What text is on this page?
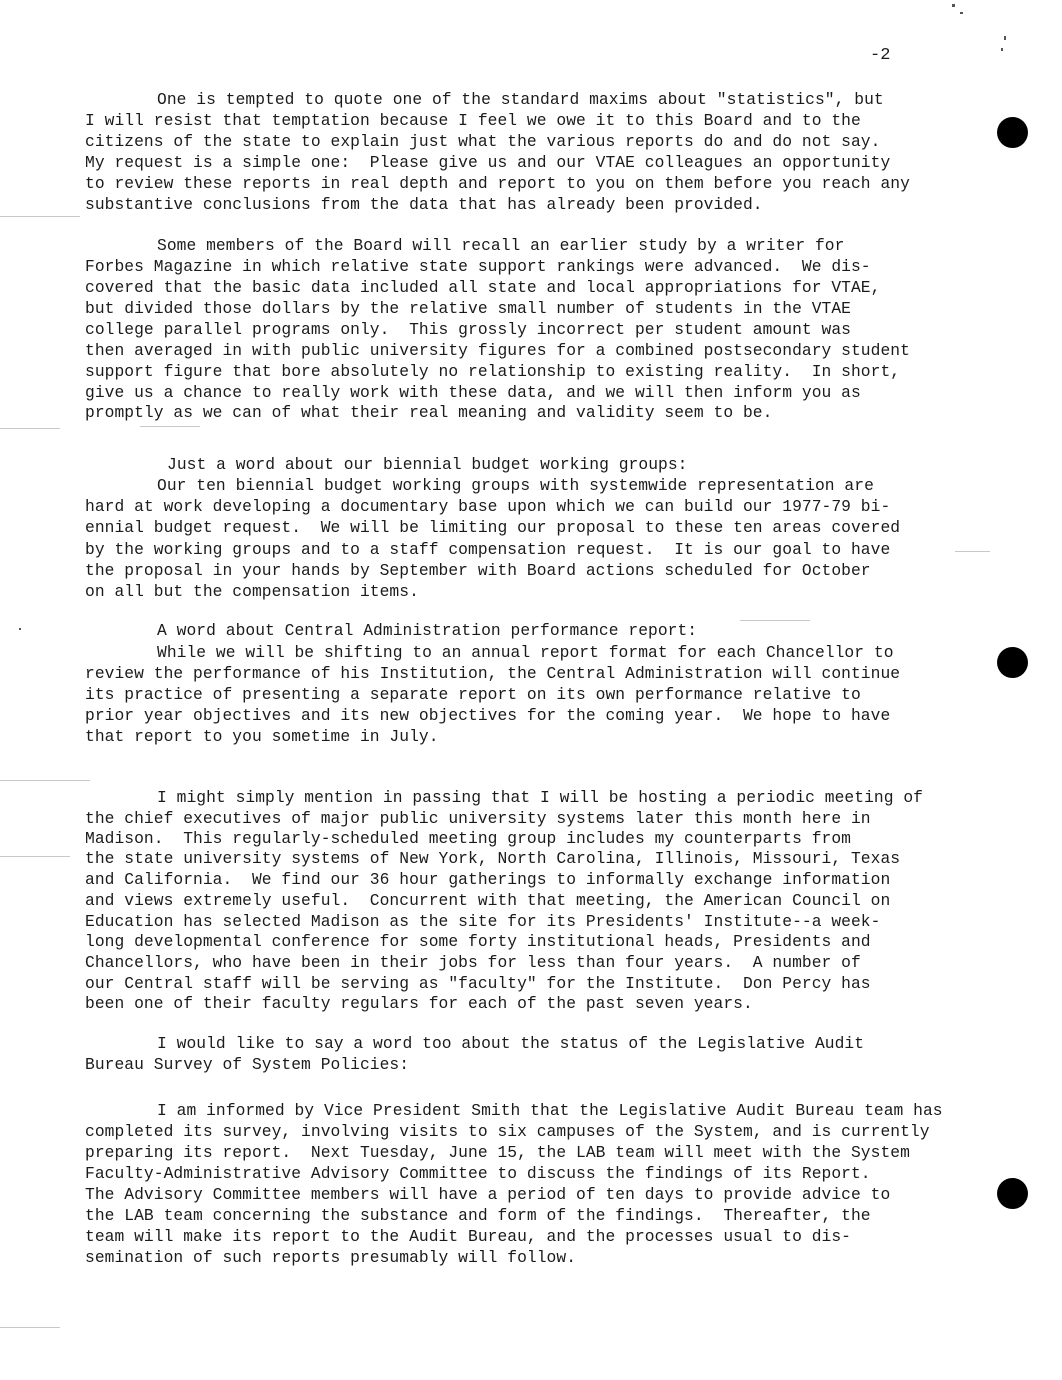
-2
One is tempted to quote one of the standard maxims about "statistics", but
I will resist that temptation because I feel we owe it to this Board and to the
citizens of the state to explain just what the various reports do and do not say.
My request is a simple one:  Please give us and our VTAE colleagues an opportunity
to review these reports in real depth and report to you on them before you reach any
substantive conclusions from the data that has already been provided.
Some members of the Board will recall an earlier study by a writer for
Forbes Magazine in which relative state support rankings were advanced.  We dis-
covered that the basic data included all state and local appropriations for VTAE,
but divided those dollars by the relative small number of students in the VTAE
college parallel programs only.  This grossly incorrect per student amount was
then averaged in with public university figures for a combined postsecondary student
support figure that bore absolutely no relationship to existing reality.  In short,
give us a chance to really work with these data, and we will then inform you as
promptly as we can of what their real meaning and validity seem to be.
Just a word about our biennial budget working groups:
Our ten biennial budget working groups with systemwide representation are
hard at work developing a documentary base upon which we can build our 1977-79 bi-
ennial budget request.  We will be limiting our proposal to these ten areas covered
by the working groups and to a staff compensation request.  It is our goal to have
the proposal in your hands by September with Board actions scheduled for October
on all but the compensation items.
A word about Central Administration performance report:
While we will be shifting to an annual report format for each Chancellor to
review the performance of his Institution, the Central Administration will continue
its practice of presenting a separate report on its own performance relative to
prior year objectives and its new objectives for the coming year.  We hope to have
that report to you sometime in July.
I might simply mention in passing that I will be hosting a periodic meeting of
the chief executives of major public university systems later this month here in
Madison.  This regularly-scheduled meeting group includes my counterparts from
the state university systems of New York, North Carolina, Illinois, Missouri, Texas
and California.  We find our 36 hour gatherings to informally exchange information
and views extremely useful.  Concurrent with that meeting, the American Council on
Education has selected Madison as the site for its Presidents' Institute--a week-
long developmental conference for some forty institutional heads, Presidents and
Chancellors, who have been in their jobs for less than four years.  A number of
our Central staff will be serving as "faculty" for the Institute.  Don Percy has
been one of their faculty regulars for each of the past seven years.
I would like to say a word too about the status of the Legislative Audit
Bureau Survey of System Policies:
I am informed by Vice President Smith that the Legislative Audit Bureau team has
completed its survey, involving visits to six campuses of the System, and is currently
preparing its report.  Next Tuesday, June 15, the LAB team will meet with the System
Faculty-Administrative Advisory Committee to discuss the findings of its Report.
The Advisory Committee members will have a period of ten days to provide advice to
the LAB team concerning the substance and form of the findings.  Thereafter, the
team will make its report to the Audit Bureau, and the processes usual to dis-
semination of such reports presumably will follow.
